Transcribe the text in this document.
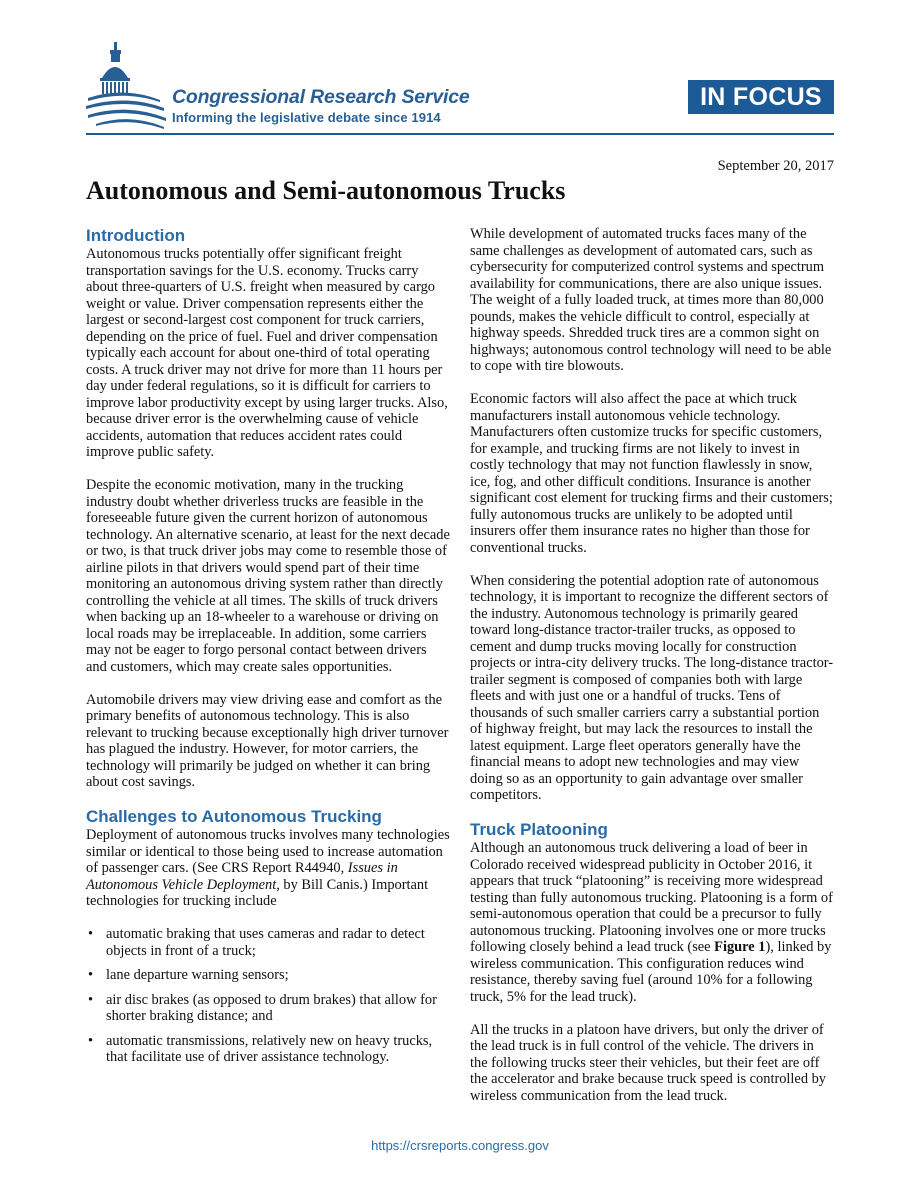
Congressional Research Service
Informing the legislative debate since 1914
IN FOCUS
September 20, 2017
Autonomous and Semi-autonomous Trucks
Introduction

Autonomous trucks potentially offer significant freight transportation savings for the U.S. economy. Trucks carry about three-quarters of U.S. freight when measured by cargo weight or value. Driver compensation represents either the largest or second-largest cost component for truck carriers, depending on the price of fuel. Fuel and driver compensation typically each account for about one-third of total operating costs. A truck driver may not drive for more than 11 hours per day under federal regulations, so it is difficult for carriers to improve labor productivity except by using larger trucks. Also, because driver error is the overwhelming cause of vehicle accidents, automation that reduces accident rates could improve public safety.

Despite the economic motivation, many in the trucking industry doubt whether driverless trucks are feasible in the foreseeable future given the current horizon of autonomous technology. An alternative scenario, at least for the next decade or two, is that truck driver jobs may come to resemble those of airline pilots in that drivers would spend part of their time monitoring an autonomous driving system rather than directly controlling the vehicle at all times. The skills of truck drivers when backing up an 18-wheeler to a warehouse or driving on local roads may be irreplaceable. In addition, some carriers may not be eager to forgo personal contact between drivers and customers, which may create sales opportunities.

Automobile drivers may view driving ease and comfort as the primary benefits of autonomous technology. This is also relevant to trucking because exceptionally high driver turnover has plagued the industry. However, for motor carriers, the technology will primarily be judged on whether it can bring about cost savings.

Challenges to Autonomous Trucking

Deployment of autonomous trucks involves many technologies similar or identical to those being used to increase automation of passenger cars. (See CRS Report R44940, Issues in Autonomous Vehicle Deployment, by Bill Canis.) Important technologies for trucking include

• automatic braking that uses cameras and radar to detect objects in front of a truck;
• lane departure warning sensors;
• air disc brakes (as opposed to drum brakes) that allow for shorter braking distance; and
• automatic transmissions, relatively new on heavy trucks, that facilitate use of driver assistance technology.

While development of automated trucks faces many of the same challenges as development of automated cars, such as cybersecurity for computerized control systems and spectrum availability for communications, there are also unique issues. The weight of a fully loaded truck, at times more than 80,000 pounds, makes the vehicle difficult to control, especially at highway speeds. Shredded truck tires are a common sight on highways; autonomous control technology will need to be able to cope with tire blowouts.

Economic factors will also affect the pace at which truck manufacturers install autonomous vehicle technology. Manufacturers often customize trucks for specific customers, for example, and trucking firms are not likely to invest in costly technology that may not function flawlessly in snow, ice, fog, and other difficult conditions. Insurance is another significant cost element for trucking firms and their customers; fully autonomous trucks are unlikely to be adopted until insurers offer them insurance rates no higher than those for conventional trucks.

When considering the potential adoption rate of autonomous technology, it is important to recognize the different sectors of the industry. Autonomous technology is primarily geared toward long-distance tractor-trailer trucks, as opposed to cement and dump trucks moving locally for construction projects or intra-city delivery trucks. The long-distance tractor-trailer segment is composed of companies both with large fleets and with just one or a handful of trucks. Tens of thousands of such smaller carriers carry a substantial portion of highway freight, but may lack the resources to install the latest equipment. Large fleet operators generally have the financial means to adopt new technologies and may view doing so as an opportunity to gain advantage over smaller competitors.

Truck Platooning

Although an autonomous truck delivering a load of beer in Colorado received widespread publicity in October 2016, it appears that truck “platooning” is receiving more widespread testing than fully autonomous trucking. Platooning is a form of semi-autonomous operation that could be a precursor to fully autonomous trucking. Platooning involves one or more trucks following closely behind a lead truck (see Figure 1), linked by wireless communication. This configuration reduces wind resistance, thereby saving fuel (around 10% for a following truck, 5% for the lead truck).

All the trucks in a platoon have drivers, but only the driver of the lead truck is in full control of the vehicle. The drivers in the following trucks steer their vehicles, but their feet are off the accelerator and brake because truck speed is controlled by wireless communication from the lead truck.

https://crsreports.congress.gov
